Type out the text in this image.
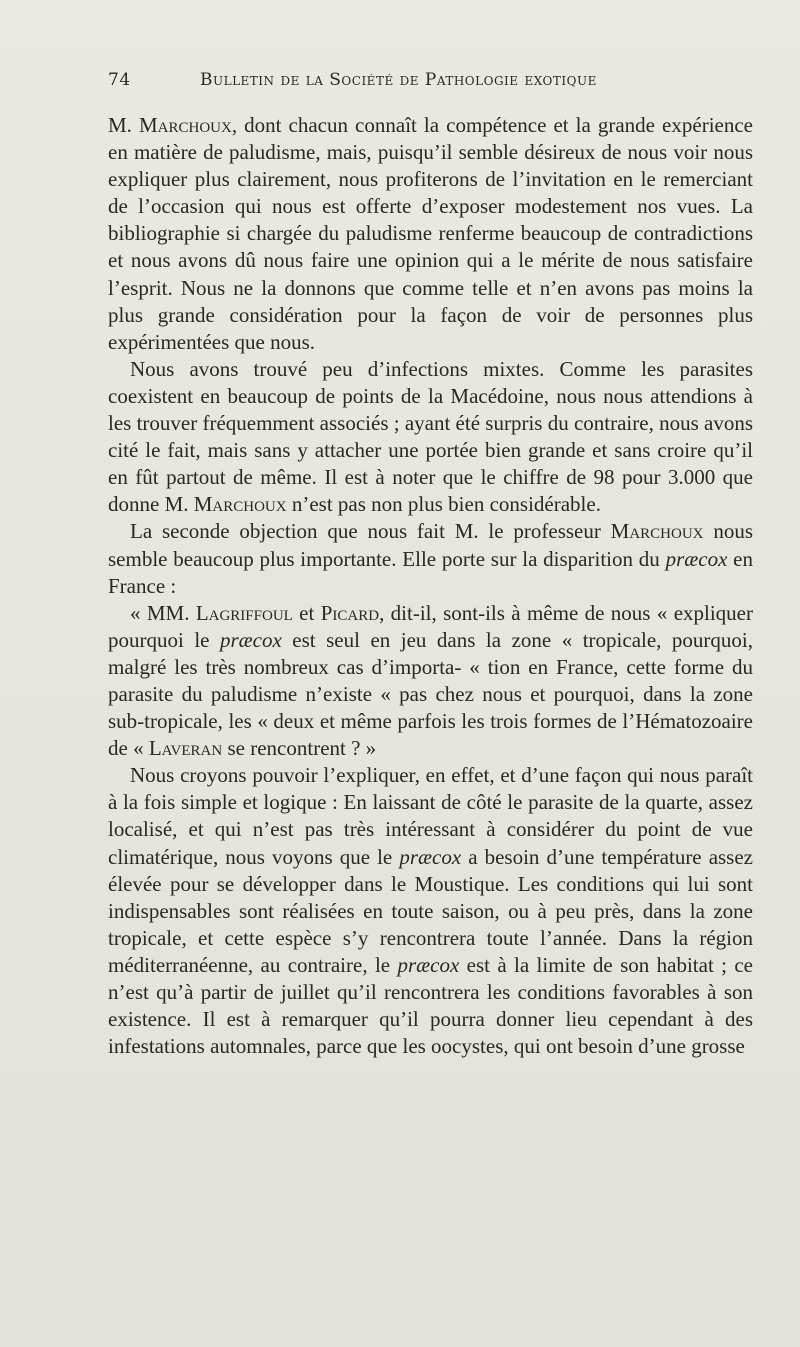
74	Bulletin de la Société de Pathologie exotique

M. Marchoux, dont chacun connaît la compétence et la grande expérience en matière de paludisme, mais, puisqu’il semble désireux de nous voir nous expliquer plus clairement, nous profiterons de l’invitation en le remerciant de l’occasion qui nous est offerte d’exposer modestement nos vues. La bibliographie si chargée du paludisme renferme beaucoup de contradictions et nous avons dû nous faire une opinion qui a le mérite de nous satisfaire l’esprit. Nous ne la donnons que comme telle et n’en avons pas moins la plus grande considération pour la façon de voir de personnes plus expérimentées que nous.

Nous avons trouvé peu d’infections mixtes. Comme les parasites coexistent en beaucoup de points de la Macédoine, nous nous attendions à les trouver fréquemment associés ; ayant été surpris du contraire, nous avons cité le fait, mais sans y attacher une portée bien grande et sans croire qu’il en fût partout de même. Il est à noter que le chiffre de 98 pour 3.000 que donne M. Marchoux n’est pas non plus bien considérable.

La seconde objection que nous fait M. le professeur Marchoux nous semble beaucoup plus importante. Elle porte sur la disparition du præcox en France :

« MM. Lagriffoul et Picard, dit-il, sont-ils à même de nous « expliquer pourquoi le præcox est seul en jeu dans la zone « tropicale, pourquoi, malgré les très nombreux cas d’importa- « tion en France, cette forme du parasite du paludisme n’existe « pas chez nous et pourquoi, dans la zone sub-tropicale, les « deux et même parfois les trois formes de l’Hématozoaire de « Laveran se rencontrent ? »

Nous croyons pouvoir l’expliquer, en effet, et d’une façon qui nous paraît à la fois simple et logique : En laissant de côté le parasite de la quarte, assez localisé, et qui n’est pas très intéressant à considérer du point de vue climatérique, nous voyons que le præcox a besoin d’une température assez élevée pour se développer dans le Moustique. Les conditions qui lui sont indispensables sont réalisées en toute saison, ou à peu près, dans la zone tropicale, et cette espèce s’y rencontrera toute l’année. Dans la région méditerranéenne, au contraire, le præcox est à la limite de son habitat ; ce n’est qu’à partir de juillet qu’il rencontrera les conditions favorables à son existence. Il est à remarquer qu’il pourra donner lieu cependant à des infestations automnales, parce que les oocystes, qui ont besoin d’une grosse
